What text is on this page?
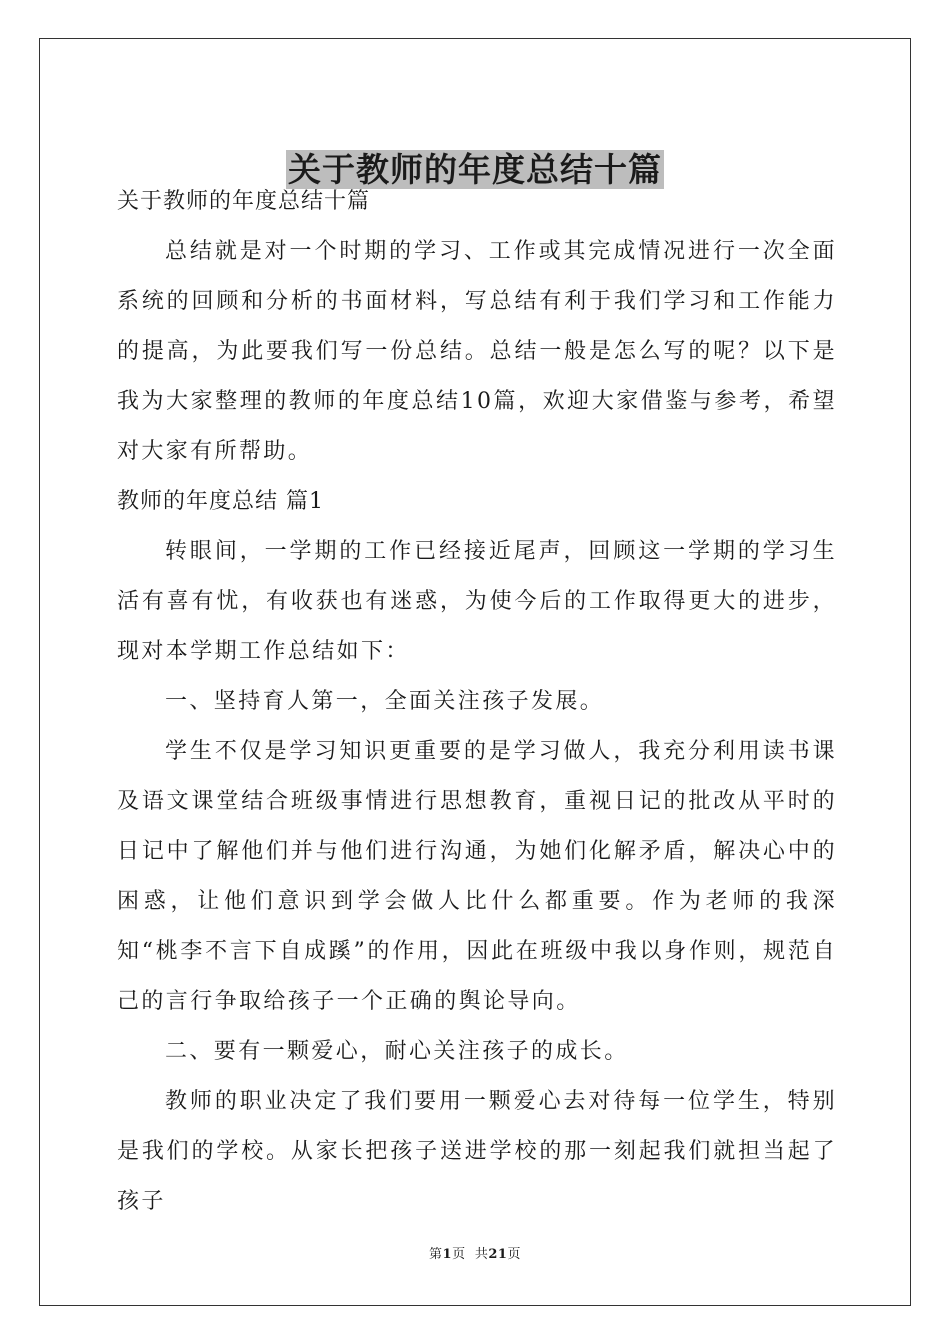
关于教师的年度总结十篇

关于教师的年度总结十篇

总结就是对一个时期的学习、工作或其完成情况进行一次全面系统的回顾和分析的书面材料，写总结有利于我们学习和工作能力的提高，为此要我们写一份总结。总结一般是怎么写的呢？以下是我为大家整理的教师的年度总结10篇，欢迎大家借鉴与参考，希望对大家有所帮助。

教师的年度总结 篇1

转眼间，一学期的工作已经接近尾声，回顾这一学期的学习生活有喜有忧，有收获也有迷惑，为使今后的工作取得更大的进步，现对本学期工作总结如下：

一、坚持育人第一，全面关注孩子发展。

学生不仅是学习知识更重要的是学习做人，我充分利用读书课及语文课堂结合班级事情进行思想教育，重视日记的批改从平时的日记中了解他们并与他们进行沟通，为她们化解矛盾，解决心中的困惑，让他们意识到学会做人比什么都重要。作为老师的我深知“桃李不言下自成蹊”的作用，因此在班级中我以身作则，规范自己的言行争取给孩子一个正确的舆论导向。

二、要有一颗爱心，耐心关注孩子的成长。

教师的职业决定了我们要用一颗爱心去对待每一位学生，特别是我们的学校。从家长把孩子送进学校的那一刻起我们就担当起了孩子

第1页  共21页
